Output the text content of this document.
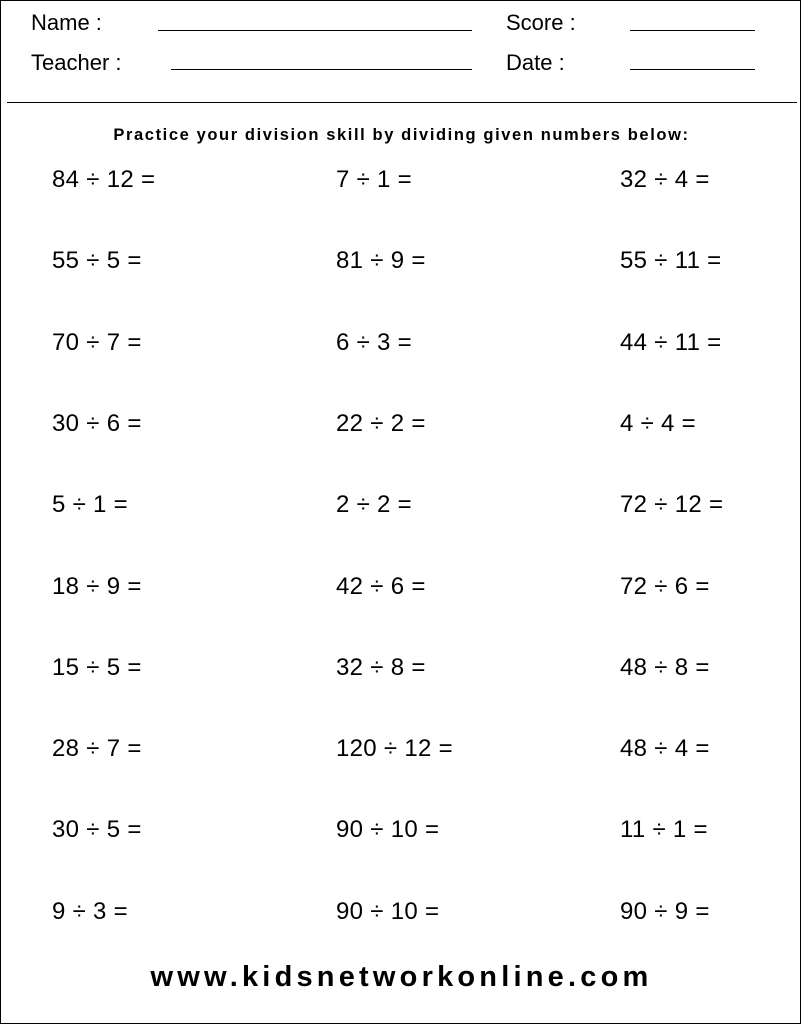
Name :	Score :
Teacher :	Date :
Practice your division skill by dividing given numbers below:
84 ÷ 12 =	7 ÷ 1 =	32 ÷ 4 =
55 ÷ 5 =	81 ÷ 9 =	55 ÷ 11 =
70 ÷ 7 =	6 ÷ 3 =	44 ÷ 11 =
30 ÷ 6 =	22 ÷ 2 =	4 ÷ 4 =
5 ÷ 1 =	2 ÷ 2 =	72 ÷ 12 =
18 ÷ 9 =	42 ÷ 6 =	72 ÷ 6 =
15 ÷ 5 =	32 ÷ 8 =	48 ÷ 8 =
28 ÷ 7 =	120 ÷ 12 =	48 ÷ 4 =
30 ÷ 5 =	90 ÷ 10 =	11 ÷ 1 =
9 ÷ 3 =	90 ÷ 10 =	90 ÷ 9 =
www.kidsnetworkonline.com
